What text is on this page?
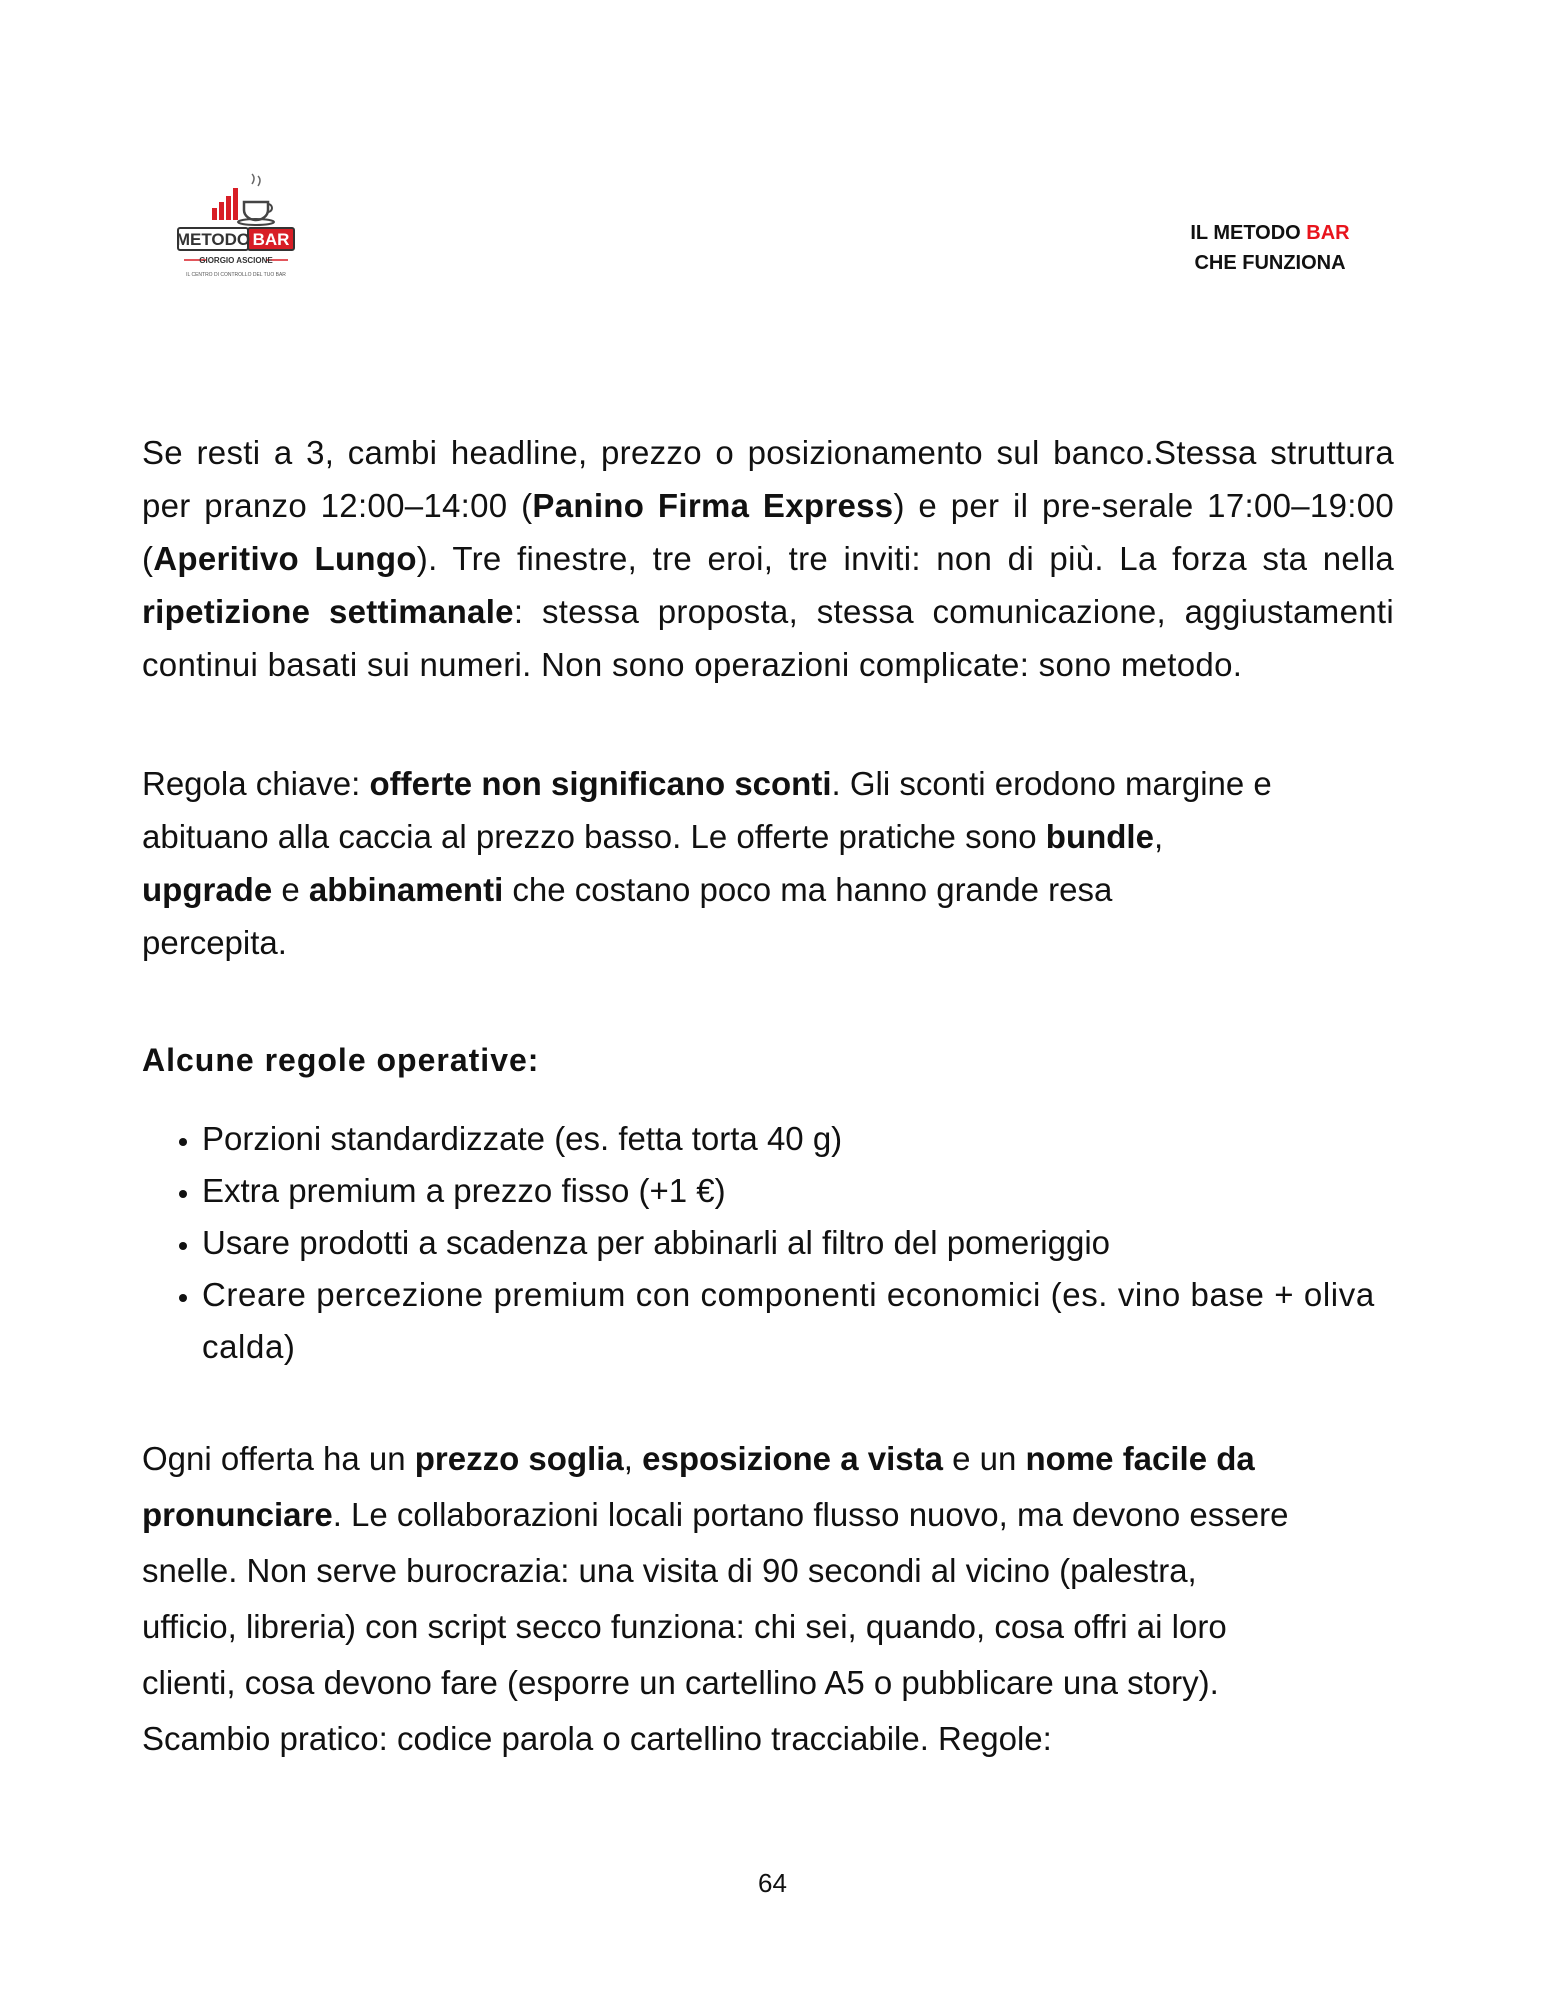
METODO BAR
GIORGIO ASCIONE
IL CENTRO DI CONTROLLO DEL TUO BAR
IL METODO BAR
CHE FUNZIONA

Se resti a 3, cambi headline, prezzo o posizionamento sul banco.Stessa struttura per pranzo 12:00–14:00 (Panino Firma Express) e per il pre-serale 17:00–19:00 (Aperitivo Lungo). Tre finestre, tre eroi, tre inviti: non di più. La forza sta nella ripetizione settimanale: stessa proposta, stessa comunicazione, aggiustamenti continui basati sui numeri. Non sono operazioni complicate: sono metodo.

Regola chiave: offerte non significano sconti. Gli sconti erodono margine e
abituano alla caccia al prezzo basso. Le offerte pratiche sono bundle,
upgrade e abbinamenti che costano poco ma hanno grande resa
percepita.

Alcune regole operative:
• Porzioni standardizzate (es. fetta torta 40 g)
• Extra premium a prezzo fisso (+1 €)
• Usare prodotti a scadenza per abbinarli al filtro del pomeriggio
• Creare percezione premium con componenti economici (es. vino base + oliva calda)

Ogni offerta ha un prezzo soglia, esposizione a vista e un nome facile da
pronunciare. Le collaborazioni locali portano flusso nuovo, ma devono essere
snelle. Non serve burocrazia: una visita di 90 secondi al vicino (palestra,
ufficio, libreria) con script secco funziona: chi sei, quando, cosa offri ai loro
clienti, cosa devono fare (esporre un cartellino A5 o pubblicare una story).
Scambio pratico: codice parola o cartellino tracciabile. Regole:

64
